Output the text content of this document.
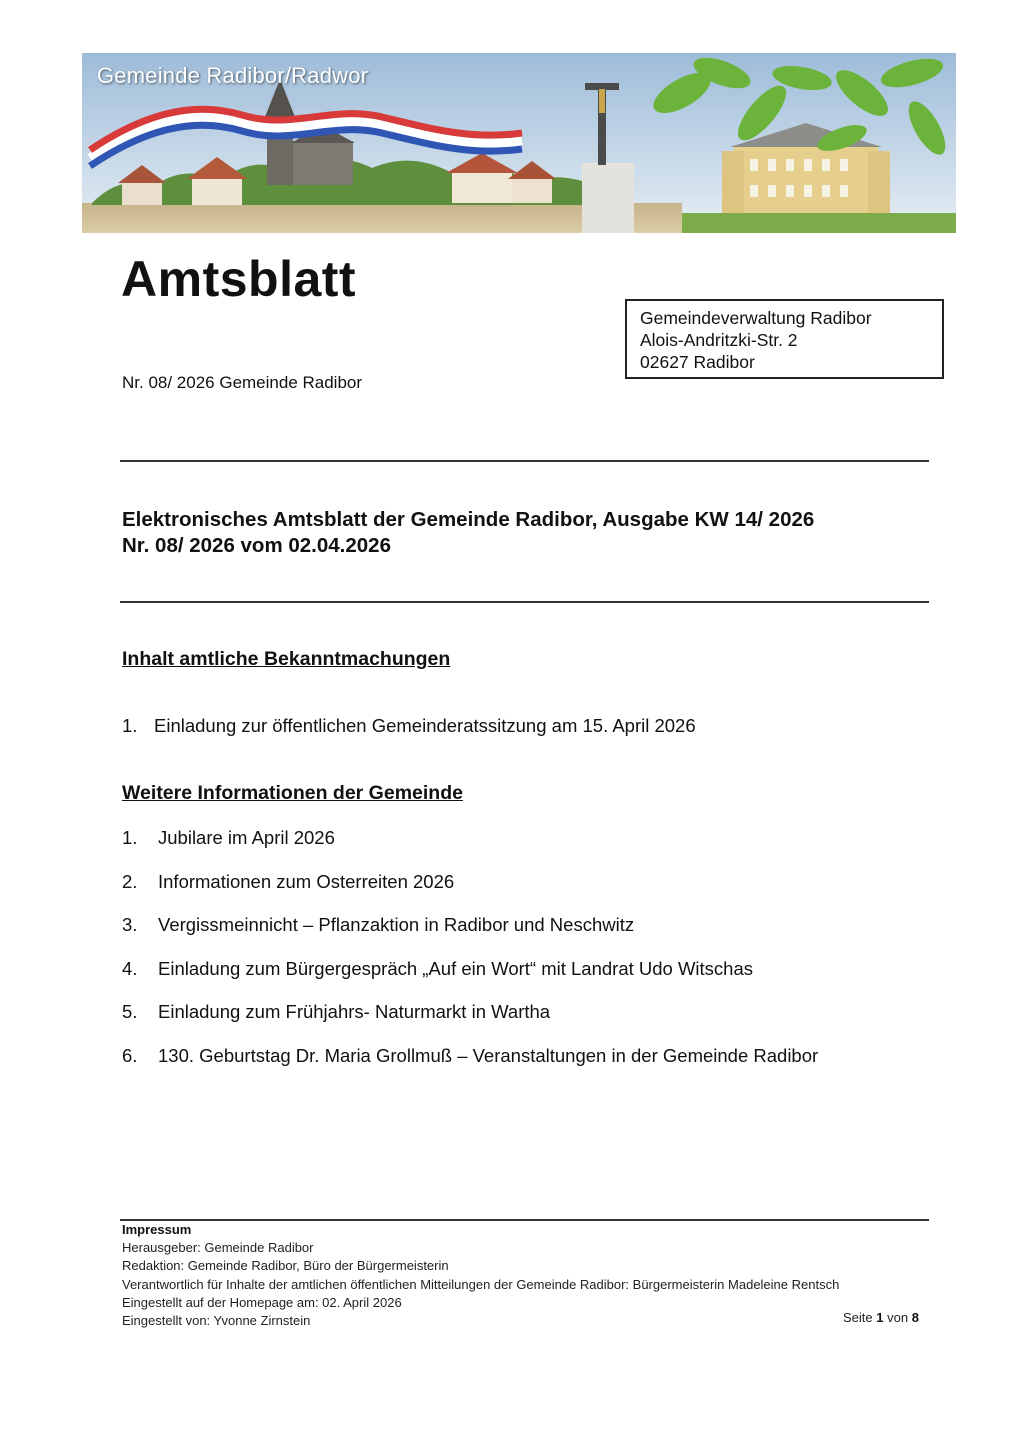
Gemeinde Radibor/Radwor
Amtsblatt
Gemeindeverwaltung Radibor
Alois-Andritzki-Str. 2
02627 Radibor
Nr. 08/ 2026 Gemeinde Radibor
Elektronisches Amtsblatt der Gemeinde Radibor, Ausgabe KW 14/ 2026
Nr. 08/ 2026 vom 02.04.2026
Inhalt amtliche Bekanntmachungen
1. Einladung zur öffentlichen Gemeinderatssitzung am 15. April 2026
Weitere Informationen der Gemeinde
1. Jubilare im April 2026
2. Informationen zum Osterreiten 2026
3. Vergissmeinnicht – Pflanzaktion in Radibor und Neschwitz
4. Einladung zum Bürgergespräch „Auf ein Wort“ mit Landrat Udo Witschas
5. Einladung zum Frühjahrs- Naturmarkt in Wartha
6. 130. Geburtstag Dr. Maria Grollmuß – Veranstaltungen in der Gemeinde Radibor
Impressum
Herausgeber: Gemeinde Radibor
Redaktion: Gemeinde Radibor, Büro der Bürgermeisterin
Verantwortlich für Inhalte der amtlichen öffentlichen Mitteilungen der Gemeinde Radibor: Bürgermeisterin Madeleine Rentsch
Eingestellt auf der Homepage am: 02. April 2026
Eingestellt von: Yvonne Zirnstein	Seite 1 von 8
